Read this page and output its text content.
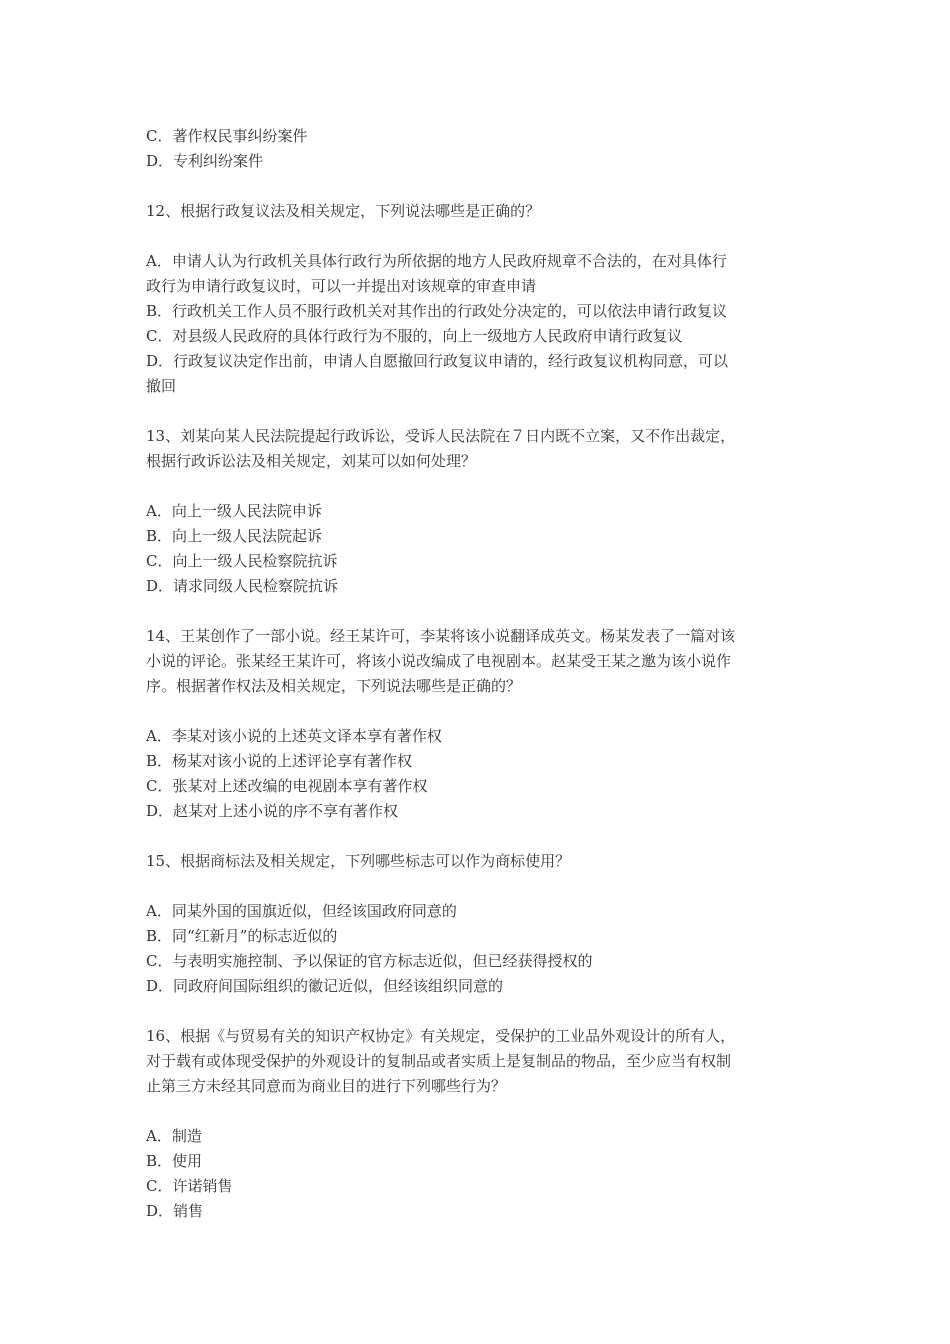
C．著作权民事纠纷案件
D．专利纠纷案件
12、根据行政复议法及相关规定，下列说法哪些是正确的？
A．申请人认为行政机关具体行政行为所依据的地方人民政府规章不合法的，在对具体行
政行为申请行政复议时，可以一并提出对该规章的审查申请
B．行政机关工作人员不服行政机关对其作出的行政处分决定的，可以依法申请行政复议
C．对县级人民政府的具体行政行为不服的，向上一级地方人民政府申请行政复议
D．行政复议决定作出前，申请人自愿撤回行政复议申请的，经行政复议机构同意，可以
撤回
13、刘某向某人民法院提起行政诉讼，受诉人民法院在７日内既不立案，又不作出裁定，
根据行政诉讼法及相关规定，刘某可以如何处理？
A．向上一级人民法院申诉
B．向上一级人民法院起诉
C．向上一级人民检察院抗诉
D．请求同级人民检察院抗诉
14、王某创作了一部小说。经王某许可，李某将该小说翻译成英文。杨某发表了一篇对该
小说的评论。张某经王某许可，将该小说改编成了电视剧本。赵某受王某之邀为该小说作
序。根据著作权法及相关规定，下列说法哪些是正确的？
A．李某对该小说的上述英文译本享有著作权
B．杨某对该小说的上述评论享有著作权
C．张某对上述改编的电视剧本享有著作权
D．赵某对上述小说的序不享有著作权
15、根据商标法及相关规定，下列哪些标志可以作为商标使用？
A．同某外国的国旗近似，但经该国政府同意的
B．同“红新月”的标志近似的
C．与表明实施控制、予以保证的官方标志近似，但已经获得授权的
D．同政府间国际组织的徽记近似，但经该组织同意的
16、根据《与贸易有关的知识产权协定》有关规定，受保护的工业品外观设计的所有人，
对于载有或体现受保护的外观设计的复制品或者实质上是复制品的物品，至少应当有权制
止第三方未经其同意而为商业目的进行下列哪些行为？
A．制造
B．使用
C．许诺销售
D．销售
